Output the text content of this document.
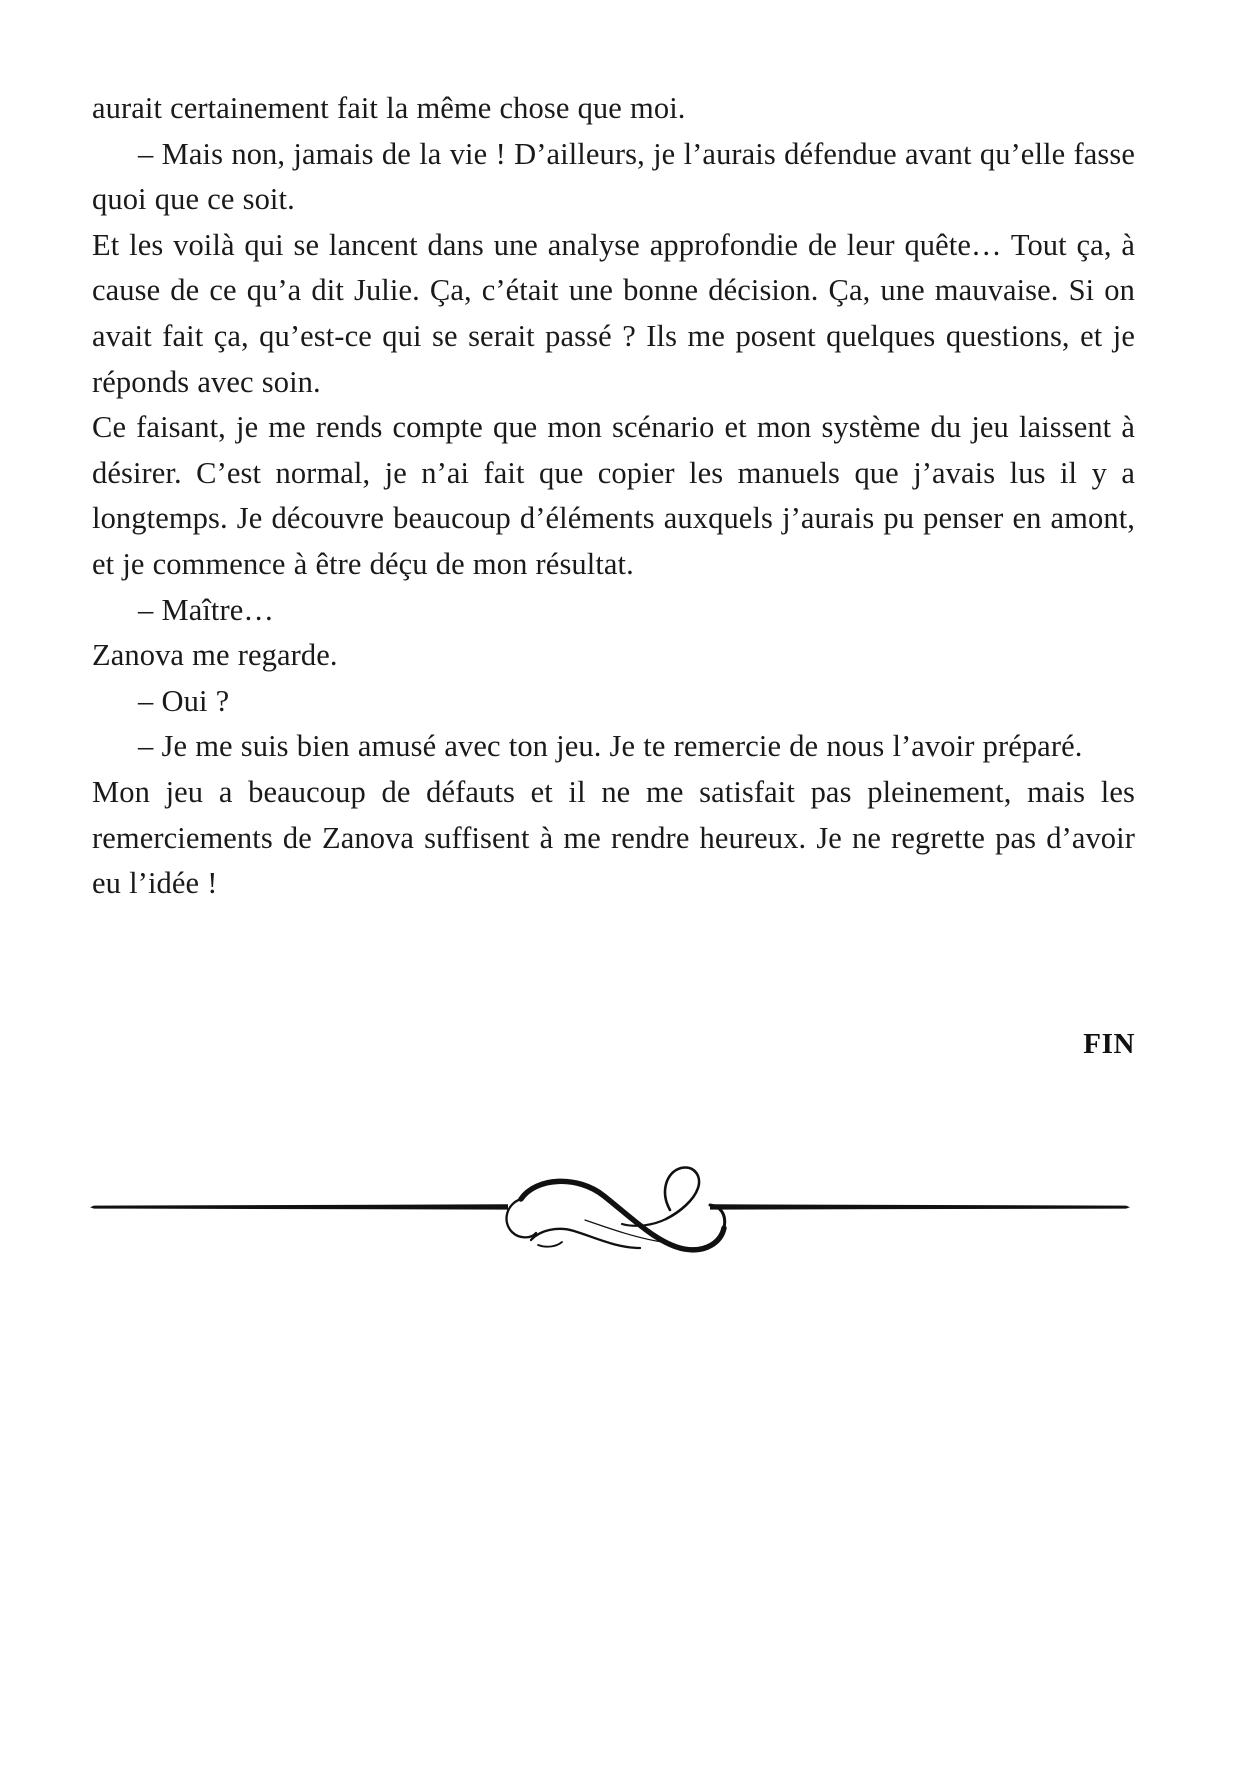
aurait certainement fait la même chose que moi.

– Mais non, jamais de la vie ! D’ailleurs, je l’aurais défendue avant qu’elle fasse quoi que ce soit.

Et les voilà qui se lancent dans une analyse approfondie de leur quête… Tout ça, à cause de ce qu’a dit Julie. Ça, c’était une bonne décision. Ça, une mauvaise. Si on avait fait ça, qu’est-ce qui se serait passé ? Ils me posent quelques questions, et je réponds avec soin.

Ce faisant, je me rends compte que mon scénario et mon système du jeu laissent à désirer. C’est normal, je n’ai fait que copier les manuels que j’avais lus il y a longtemps. Je découvre beaucoup d’éléments auxquels j’aurais pu penser en amont, et je commence à être déçu de mon résultat.

– Maître…

Zanova me regarde.

– Oui ?

– Je me suis bien amusé avec ton jeu. Je te remercie de nous l’avoir préparé.

Mon jeu a beaucoup de défauts et il ne me satisfait pas pleinement, mais les remerciements de Zanova suffisent à me rendre heureux. Je ne regrette pas d’avoir eu l’idée !

FIN
